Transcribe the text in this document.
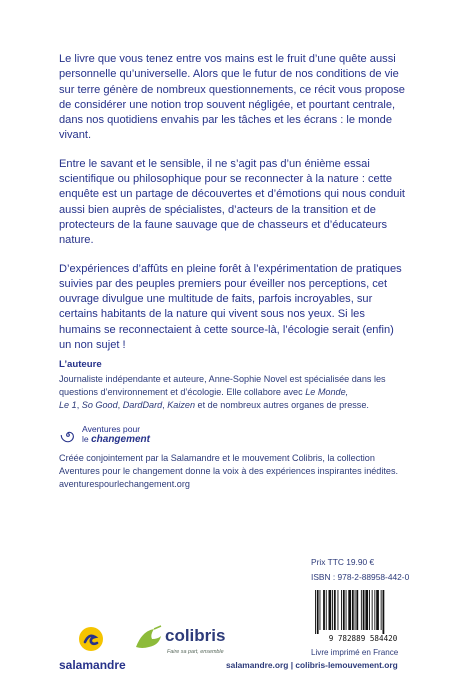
Le livre que vous tenez entre vos mains est le fruit d’une quête aussi personnelle qu’universelle. Alors que le futur de nos conditions de vie sur terre génère de nombreux questionnements, ce récit vous propose de considérer une notion trop souvent négligée, et pourtant centrale, dans nos quotidiens envahis par les tâches et les écrans : le monde vivant.

Entre le savant et le sensible, il ne s’agit pas d’un énième essai scientifique ou philosophique pour se reconnecter à la nature : cette enquête est un partage de découvertes et d’émotions qui nous conduit aussi bien auprès de spécialistes, d’acteurs de la transition et de protecteurs de la faune sauvage que de chasseurs et d’éducateurs nature.

D’expériences d’affûts en pleine forêt à l’expérimentation de pratiques suivies par des peuples premiers pour éveiller nos perceptions, cet ouvrage divulgue une multitude de faits, parfois incroyables, sur certains habitants de la nature qui vivent sous nos yeux. Si les humains se reconnectaient à cette source-là, l’écologie serait (enfin) un non sujet !

L’auteure

Journaliste indépendante et auteure, Anne-Sophie Novel est spécialisée dans les questions d’environnement et d’écologie. Elle collabore avec Le Monde,
Le 1, So Good, DardDard, Kaizen et de nombreux autres organes de presse.

Aventures pour
le changement

Créée conjointement par la Salamandre et le mouvement Colibris, la collection Aventures pour le changement donne la voix à des expériences inspirantes inédites. aventurespourlechangement.org

Prix TTC 19.90 €
ISBN : 978-2-88958-442-0
9 782889 584420
Livre imprimé en France
salamandre.org | colibris-lemouvement.org
salamandre
colibris
Faire sa part, ensemble
